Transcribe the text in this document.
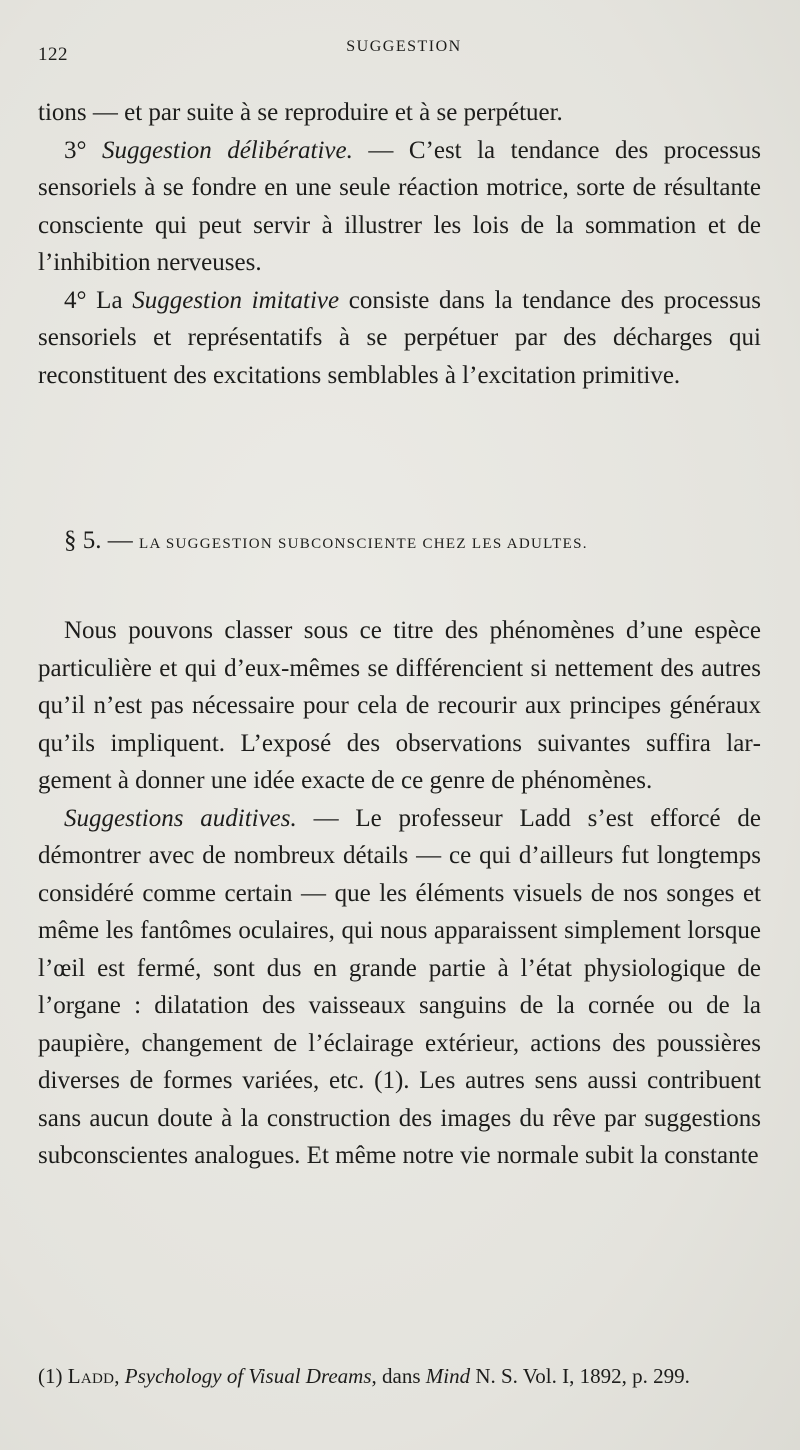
122	SUGGESTION

tions — et par suite à se reproduire et à se perpétuer.

3° Suggestion délibérative. — C’est la tendance des processus sensoriels à se fondre en une seule réaction motrice, sorte de résultante consciente qui peut servir à illustrer les lois de la sommation et de l’inhibition nerveuses.

4° La Suggestion imitative consiste dans la tendance des processus sensoriels et représentatifs à se perpétuer par des décharges qui reconstituent des excitations semblables à l’excitation primitive.

§ 5. — LA SUGGESTION SUBCONSCIENTE CHEZ LES ADULTES.

Nous pouvons classer sous ce titre des phénomènes d’une espèce particulière et qui d’eux-mêmes se différencient si nettement des autres qu’il n’est pas nécessaire pour cela de recourir aux principes généraux qu’ils impliquent. L’exposé des observations suivantes suffira largement à donner une idée exacte de ce genre de phénomènes.

Suggestions auditives. — Le professeur Ladd s’est efforcé de démontrer avec de nombreux détails — ce qui d’ailleurs fut longtemps considéré comme certain — que les éléments visuels de nos songes et même les fantômes oculaires, qui nous apparaissent simplement lorsque l’œil est fermé, sont dus en grande partie à l’état physiologique de l’organe : dilatation des vaisseaux sanguins de la cornée ou de la paupière, changement de l’éclairage extérieur, actions des poussières diverses de formes variées, etc. (1). Les autres sens aussi contribuent sans aucun doute à la construction des images du rêve par suggestions subconscientes analogues. Et même notre vie normale subit la constante

(1) Ladd, Psychology of Visual Dreams, dans Mind N. S. Vol. I, 1892, p. 299.
